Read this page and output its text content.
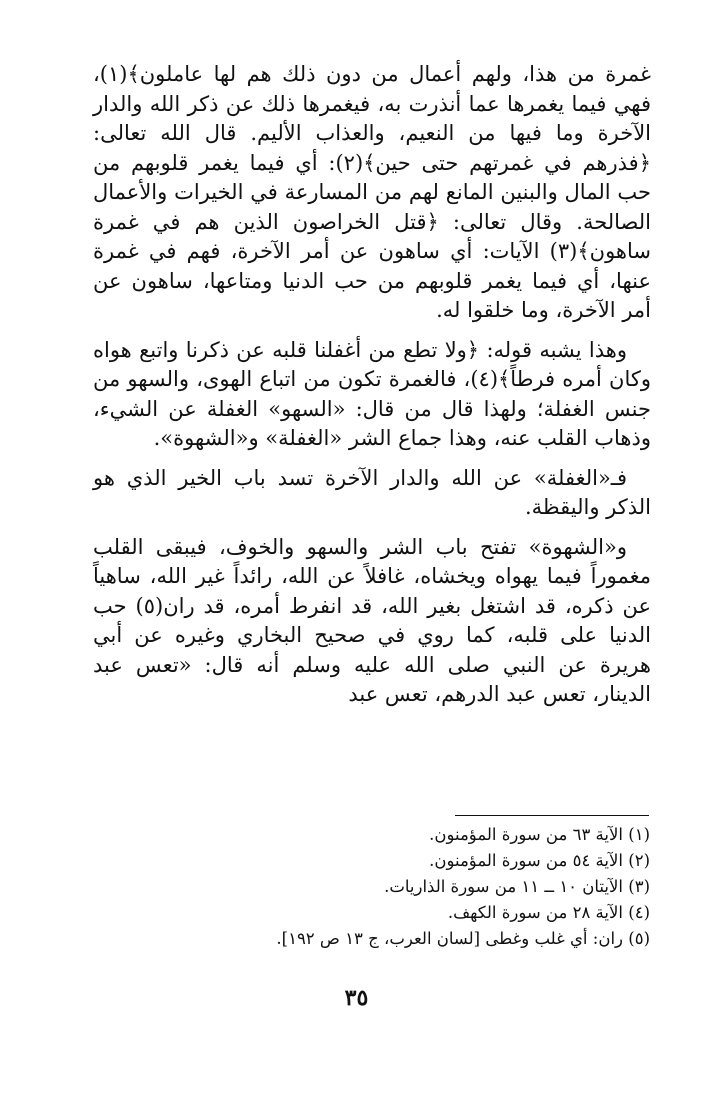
غمرة من هذا، ولهم أعمال من دون ذلك هم لها عاملون﴾(١)، فهي فيما يغمرها عما أنذرت به، فيغمرها ذلك عن ذكر الله والدار الآخرة وما فيها من النعيم، والعذاب الأليم. قال الله تعالى: ﴿فذرهم في غمرتهم حتى حين﴾(٢): أي فيما يغمر قلوبهم من حب المال والبنين المانع لهم من المسارعة في الخيرات والأعمال الصالحة. وقال تعالى: ﴿قتل الخراصون الذين هم في غمرة ساهون﴾(٣) الآيات: أي ساهون عن أمر الآخرة، فهم في غمرة عنها، أي فيما يغمر قلوبهم من حب الدنيا ومتاعها، ساهون عن أمر الآخرة، وما خلقوا له.

وهذا يشبه قوله: ﴿ولا تطع من أغفلنا قلبه عن ذكرنا واتبع هواه وكان أمره فرطاً﴾(٤)، فالغمرة تكون من اتباع الهوى، والسهو من جنس الغفلة؛ ولهذا قال من قال: «السهو» الغفلة عن الشيء، وذهاب القلب عنه، وهذا جماع الشر «الغفلة» و«الشهوة».

فـ«الغفلة» عن الله والدار الآخرة تسد باب الخير الذي هو الذكر واليقظة.

و«الشهوة» تفتح باب الشر والسهو والخوف، فيبقى القلب مغموراً فيما يهواه ويخشاه، غافلاً عن الله، رائداً غير الله، ساهياً عن ذكره، قد اشتغل بغير الله، قد انفرط أمره، قد ران(٥) حب الدنيا على قلبه، كما روي في صحيح البخاري وغيره عن أبي هريرة عن النبي صلى الله عليه وسلم أنه قال: «تعس عبد الدينار، تعس عبد الدرهم، تعس عبد

(١) الآية ٦٣ من سورة المؤمنون.
(٢) الآية ٥٤ من سورة المؤمنون.
(٣) الآيتان ١٠ ــ ١١ من سورة الذاريات.
(٤) الآية ٢٨ من سورة الكهف.
(٥) ران: أي غلب وغطى [لسان العرب، ج ١٣ ص ١٩٢].
٣٥
